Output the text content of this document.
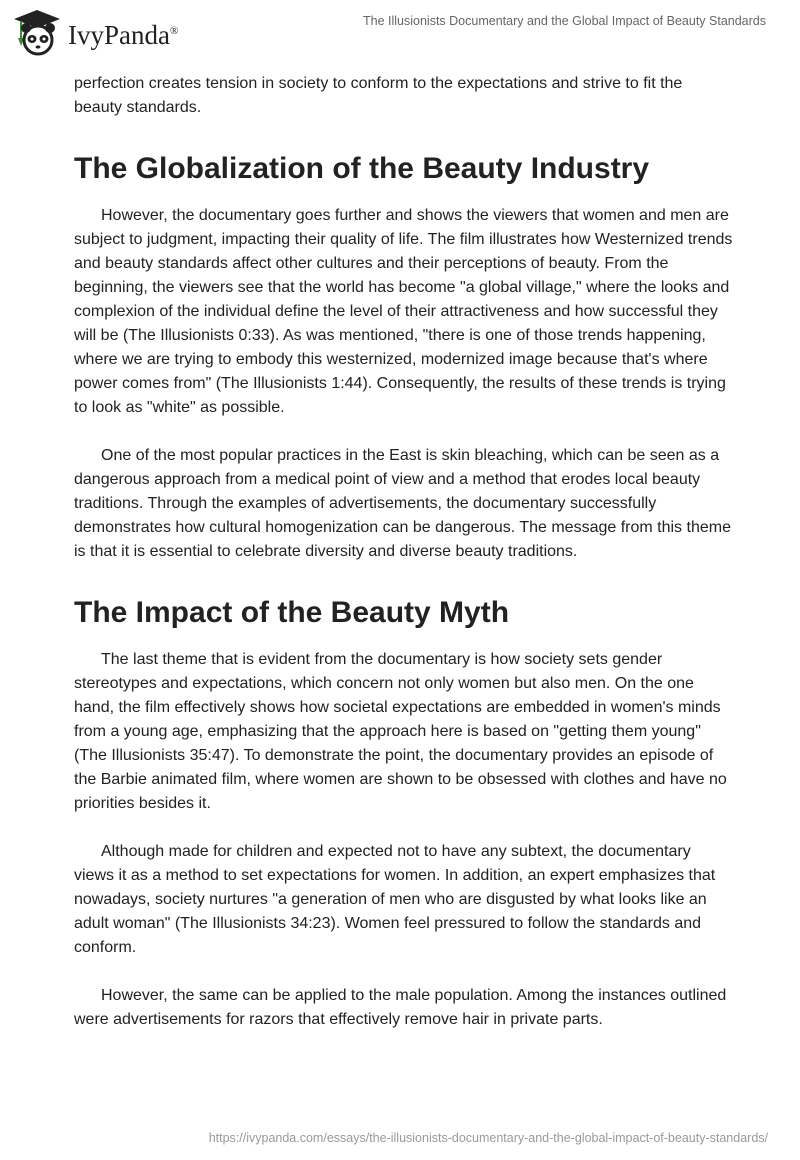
IvyPanda®
The Illusionists Documentary and the Global Impact of Beauty Standards

perfection creates tension in society to conform to the expectations and strive to fit the beauty standards.

The Globalization of the Beauty Industry

However, the documentary goes further and shows the viewers that women and men are subject to judgment, impacting their quality of life. The film illustrates how Westernized trends and beauty standards affect other cultures and their perceptions of beauty. From the beginning, the viewers see that the world has become "a global village," where the looks and complexion of the individual define the level of their attractiveness and how successful they will be (The Illusionists 0:33). As was mentioned, "there is one of those trends happening, where we are trying to embody this westernized, modernized image because that's where power comes from" (The Illusionists 1:44). Consequently, the results of these trends is trying to look as "white" as possible.

One of the most popular practices in the East is skin bleaching, which can be seen as a dangerous approach from a medical point of view and a method that erodes local beauty traditions. Through the examples of advertisements, the documentary successfully demonstrates how cultural homogenization can be dangerous. The message from this theme is that it is essential to celebrate diversity and diverse beauty traditions.

The Impact of the Beauty Myth

The last theme that is evident from the documentary is how society sets gender stereotypes and expectations, which concern not only women but also men. On the one hand, the film effectively shows how societal expectations are embedded in women's minds from a young age, emphasizing that the approach here is based on "getting them young" (The Illusionists 35:47). To demonstrate the point, the documentary provides an episode of the Barbie animated film, where women are shown to be obsessed with clothes and have no priorities besides it.

Although made for children and expected not to have any subtext, the documentary views it as a method to set expectations for women. In addition, an expert emphasizes that nowadays, society nurtures "a generation of men who are disgusted by what looks like an adult woman" (The Illusionists 34:23). Women feel pressured to follow the standards and conform.

However, the same can be applied to the male population. Among the instances outlined were advertisements for razors that effectively remove hair in private parts.

https://ivypanda.com/essays/the-illusionists-documentary-and-the-global-impact-of-beauty-standards/
